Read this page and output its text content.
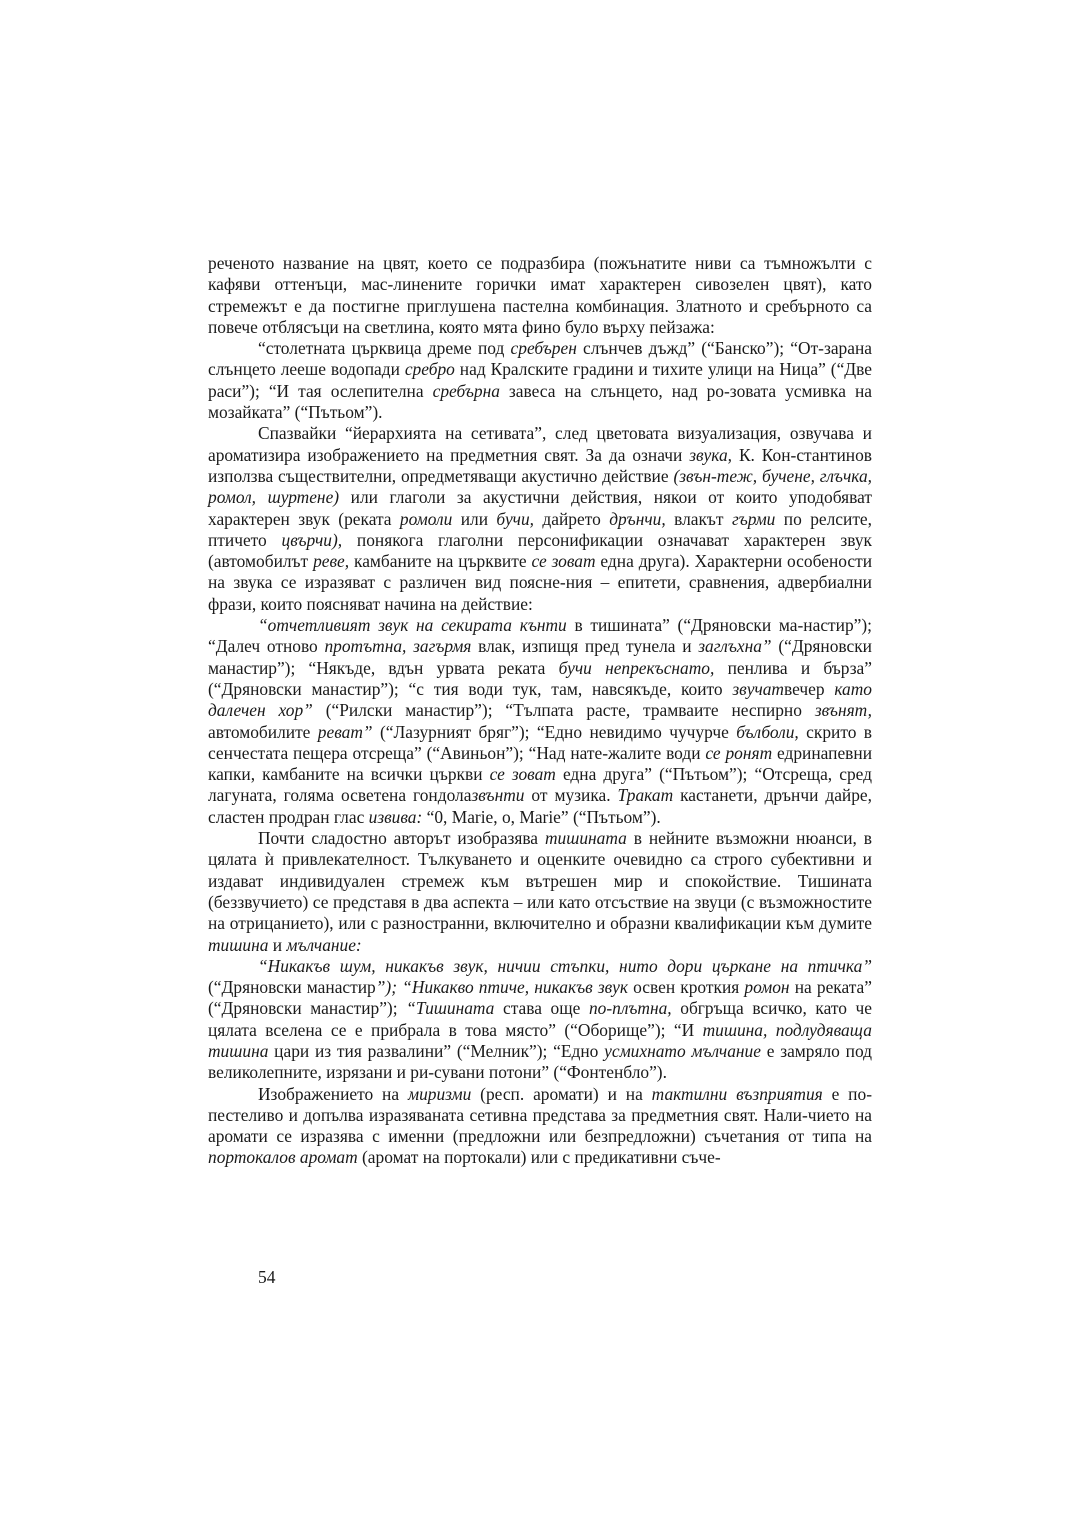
реченото название на цвят, което се подразбира (пожънатите ниви са тъмножълти с кафяви оттенъци, мас-линените горички имат характерен сивозелен цвят), като стремежът е да постигне приглушена пастелна комбинация. Златното и сребърното са повече отблясъци на светлина, която мята фино було върху пейзажа:

“столетната църквица дреме под сребърен слънчев дъжд” (“Банско”); “От-зарана слънцето лееше водопади сребро над Кралските градини и тихите улици на Ница” (“Две раси”); “И тая ослепителна сребърна завеса на слънцето, над ро-зовата усмивка на мозайката” (“Пътьом”).

Спазвайки “йерархията на сетивата”, след цветовата визуализация, озвучава и ароматизира изображението на предметния свят. За да означи звука, К. Кон-стантинов използва съществителни, опредметяващи акустично действие (звън-теж, бучене, глъчка, ромол, шуртене) или глаголи за акустични действия, някои от които уподобяват характерен звук (реката ромоли или бучи, дайрето дрънчи, влакът гърми по релсите, птичето цвърчи), понякога глаголни персонификации означават характерен звук (автомобилът реве, камбаните на църквите се зоват една друга). Характерни особености на звука се изразяват с различен вид поясне-ния – епитети, сравнения, адвербиални фрази, които поясняват начина на действие:

“отчетливият звук на секирата кънти в тишината” (“Дряновски ма-настир”); “Далеч отново протътна, загърмя влак, изпищя пред тунела и заглъхна” (“Дряновски манастир”); “Някъде, вдън урвата реката бучи непрекъснато, пенлива и бърза” (“Дряновски манастир”); “с тия води тук, там, навсякъде, които звучатвечер като далечен хор” (“Рилски манастир”); “Тълпата расте, трамваите неспирно звънят, автомобилите реват” (“Лазурният бряг”); “Едно невидимо чучурче бълболи, скрито в сенчестата пещера отсреща” (“Авиньон”); “Над нате-жалите води се ронят едринапевни капки, камбаните на всички църкви се зоват една друга” (“Пътьом”); “Отсреща, сред лагуната, голяма осветена гондолазвънти от музика. Тракат кастанети, дрънчи дайре, сластен продран глас извива: “0, Marie, о, Marie” (“Пътьом”).

Почти сладостно авторът изобразява тишината в нейните възможни нюанси, в цялата ѝ привлекателност. Тълкуването и оценките очевидно са строго субективни и издават индивидуален стремеж към вътрешен мир и спокойствие. Тишината (беззвучието) се представя в два аспекта – или като отсъствие на звуци (с възможностите на отрицанието), или с разностранни, включително и образни квалификации към думите тишина и мълчание:

“Никакъв шум, никакъв звук, ничии стъпки, нито дори църкане на птичка” (“Дряновски манастир”); “Никакво птиче, никакъв звук освен кроткия ромон на реката” (“Дряновски манастир”); “Тишината става още по-плътна, обгръща всичко, като че цялата вселена се е прибрала в това място” (“Оборище”); “И тишина, подлудяваща тишина цари из тия развалини” (“Мелник”); “Едно усмихнато мълчание е замряло под великолепните, изрязани и ри-сувани потони” (“Фонтенбло”).

Изображението на миризми (респ. аромати) и на тактилни възприятия е по-пестеливо и допълва изразяваната сетивна представа за предметния свят. Нали-чието на аромати се изразява с именни (предложни или безпредложни) съчетания от типа на портокалов аромат (аромат на портокали) или с предикативни съче-

54
